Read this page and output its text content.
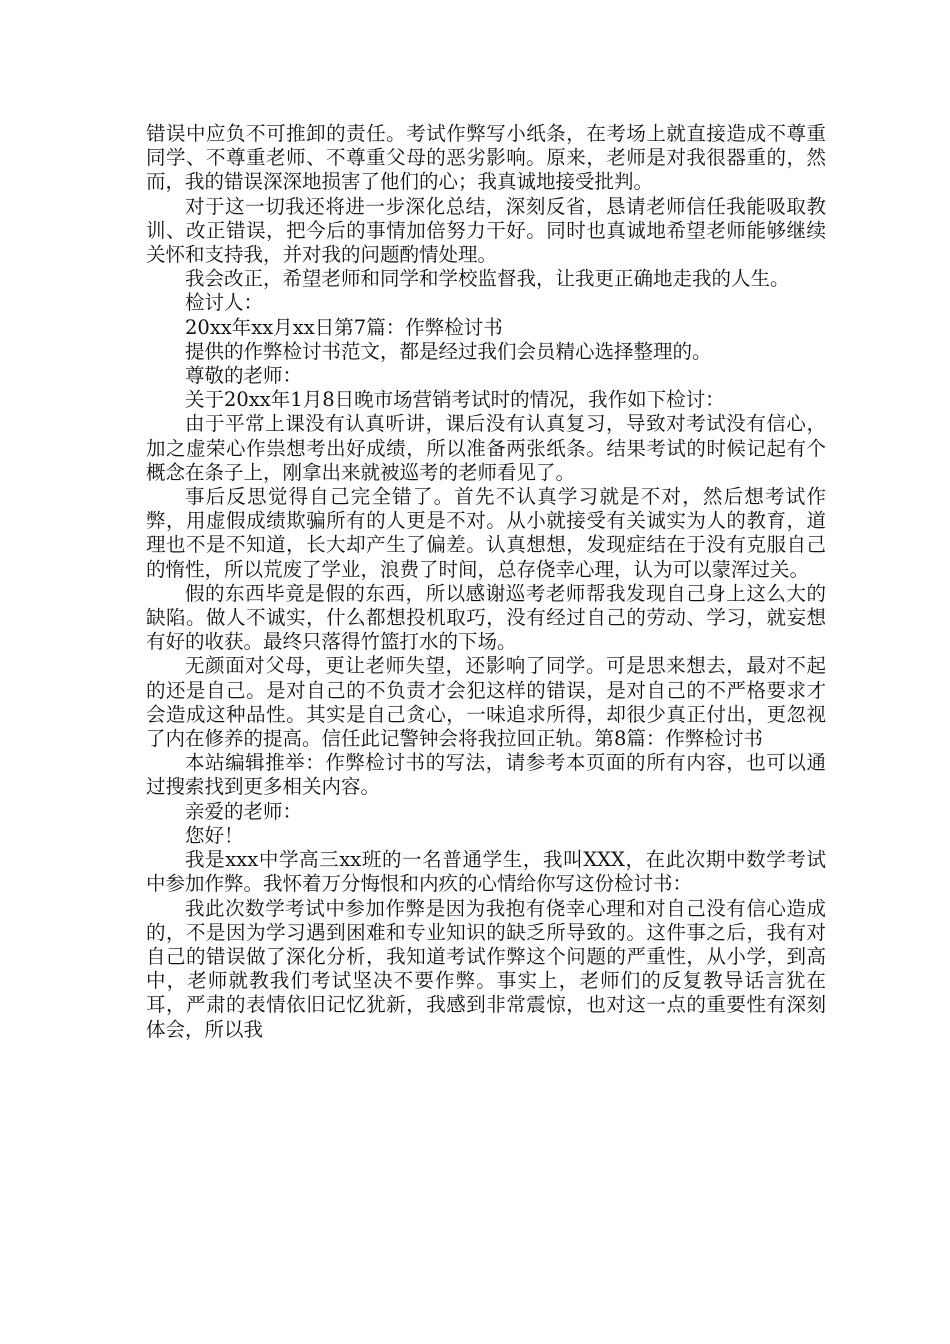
错误中应负不可推卸的责任。考试作弊写小纸条，在考场上就直接造成不尊重同学、不尊重老师、不尊重父母的恶劣影响。原来，老师是对我很器重的，然而，我的错误深深地损害了他们的心；我真诚地接受批判。

对于这一切我还将进一步深化总结，深刻反省，恳请老师信任我能吸取教训、改正错误，把今后的事情加倍努力干好。同时也真诚地希望老师能够继续关怀和支持我，并对我的问题酌情处理。

我会改正，希望老师和同学和学校监督我，让我更正确地走我的人生。

检讨人：

20xx年xx月xx日第7篇：作弊检讨书

提供的作弊检讨书范文，都是经过我们会员精心选择整理的。

尊敬的老师：

关于20xx年1月8日晚市场营销考试时的情况，我作如下检讨：

由于平常上课没有认真听讲，课后没有认真复习，导致对考试没有信心，加之虚荣心作祟想考出好成绩，所以准备两张纸条。结果考试的时候记起有个概念在条子上，刚拿出来就被巡考的老师看见了。

事后反思觉得自己完全错了。首先不认真学习就是不对，然后想考试作弊，用虚假成绩欺骗所有的人更是不对。从小就接受有关诚实为人的教育，道理也不是不知道，长大却产生了偏差。认真想想，发现症结在于没有克服自己的惰性，所以荒废了学业，浪费了时间，总存侥幸心理，认为可以蒙浑过关。

假的东西毕竟是假的东西，所以感谢巡考老师帮我发现自己身上这么大的缺陷。做人不诚实，什么都想投机取巧，没有经过自己的劳动、学习，就妄想有好的收获。最终只落得竹篮打水的下场。

无颜面对父母，更让老师失望，还影响了同学。可是思来想去，最对不起的还是自己。是对自己的不负责才会犯这样的错误，是对自己的不严格要求才会造成这种品性。其实是自己贪心，一味追求所得，却很少真正付出，更忽视了内在修养的提高。信任此记警钟会将我拉回正轨。第8篇：作弊检讨书

本站编辑推举：作弊检讨书的写法，请参考本页面的所有内容，也可以通过搜索找到更多相关内容。

亲爱的老师：

您好！

我是xxx中学高三xx班的一名普通学生，我叫XXX，在此次期中数学考试中参加作弊。我怀着万分悔恨和内疚的心情给你写这份检讨书：

我此次数学考试中参加作弊是因为我抱有侥幸心理和对自己没有信心造成的，不是因为学习遇到困难和专业知识的缺乏所导致的。这件事之后，我有对自己的错误做了深化分析，我知道考试作弊这个问题的严重性，从小学，到高中，老师就教我们考试坚决不要作弊。事实上，老师们的反复教导话言犹在耳，严肃的表情依旧记忆犹新，我感到非常震惊，也对这一点的重要性有深刻体会，所以我
